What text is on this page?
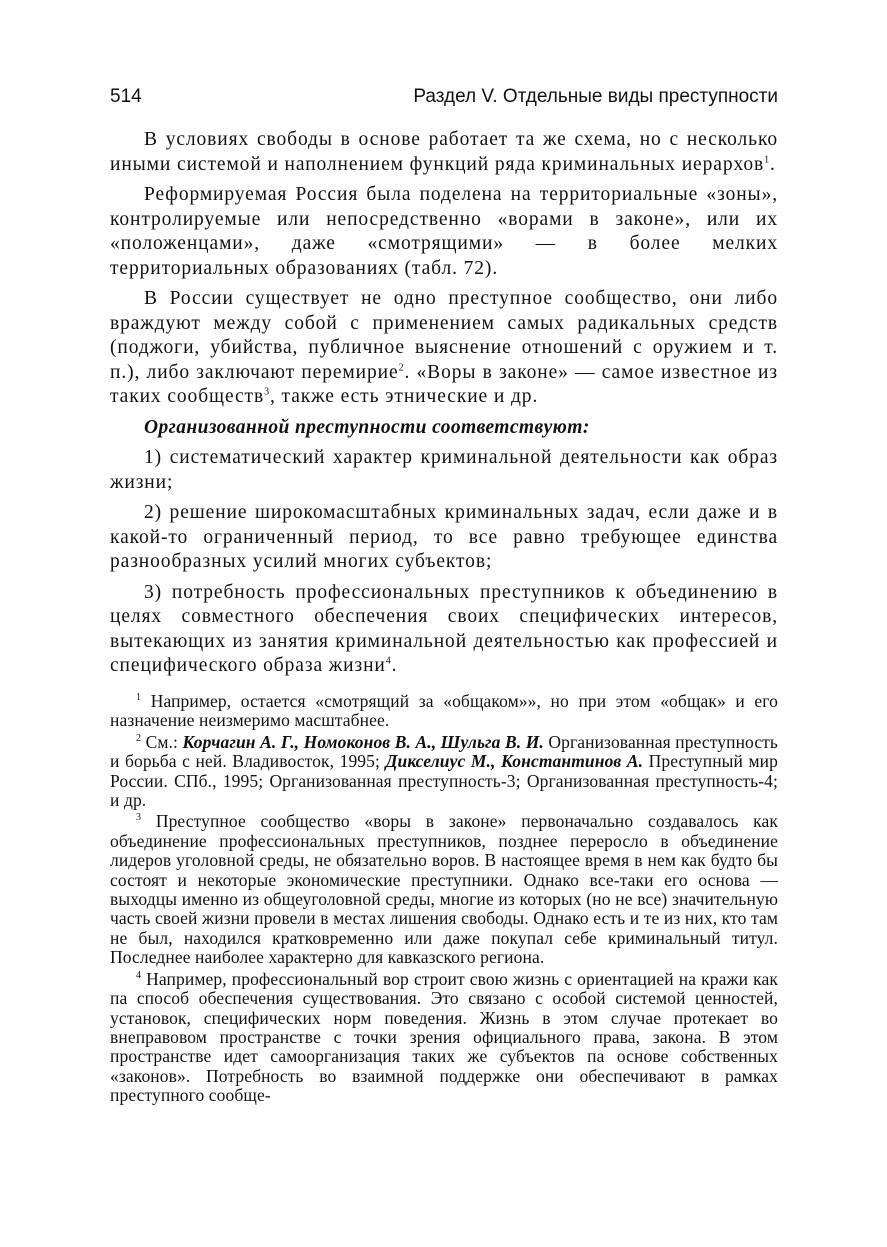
514	Раздел V. Отдельные виды преступности

В условиях свободы в основе работает та же схема, но с несколько иными системой и наполнением функций ряда криминальных иерархов$^1$.

Реформируемая Россия была поделена на территориальные «зоны», контролируемые или непосредственно «ворами в законе», или их «положенцами», даже «смотрящими» — в более мелких территориальных образованиях (табл. 72).

В России существует не одно преступное сообщество, они либо враждуют между собой с применением самых радикальных средств (поджоги, убийства, публичное выяснение отношений с оружием и т. п.), либо заключают перемирие$^2$. «Воры в законе» — самое известное из таких сообществ$^3$, также есть этнические и др.

Организованной преступности соответствуют:

1) систематический характер криминальной деятельности как образ жизни;

2) решение широкомасштабных криминальных задач, если даже и в какой-то ограниченный период, то все равно требующее единства разнообразных усилий многих субъектов;

3) потребность профессиональных преступников к объединению в целях совместного обеспечения своих специфических интересов, вытекающих из занятия криминальной деятельностью как профессией и специфического образа жизни$^4$.

$^1$ Например, остается «смотрящий за «общаком»», но при этом «общак» и его назначение неизмеримо масштабнее.

$^2$ См.: Корчагин А. Г., Номоконов В. А., Шульга В. И. Организованная преступность и борьба с ней. Владивосток, 1995; Дикселиус М., Константинов А. Преступный мир России. СПб., 1995; Организованная преступность-3; Организованная преступность-4; и др.

$^3$ Преступное сообщество «воры в законе» первоначально создавалось как объединение профессиональных преступников, позднее переросло в объединение лидеров уголовной среды, не обязательно воров. В настоящее время в нем как будто бы состоят и некоторые экономические преступники. Однако все-таки его основа — выходцы именно из общеуголовной среды, многие из которых (но не все) значительную часть своей жизни провели в местах лишения свободы. Однако есть и те из них, кто там не был, находился кратковременно или даже покупал себе криминальный титул. Последнее наиболее характерно для кавказского региона.

$^4$ Например, профессиональный вор строит свою жизнь с ориентацией на кражи как па способ обеспечения существования. Это связано с особой системой ценностей, установок, специфических норм поведения. Жизнь в этом случае протекает во внеправовом пространстве с точки зрения официального права, закона. В этом пространстве идет самоорганизация таких же субъектов па основе собственных «законов». Потребность во взаимной поддержке они обеспечивают в рамках преступного сообще-
